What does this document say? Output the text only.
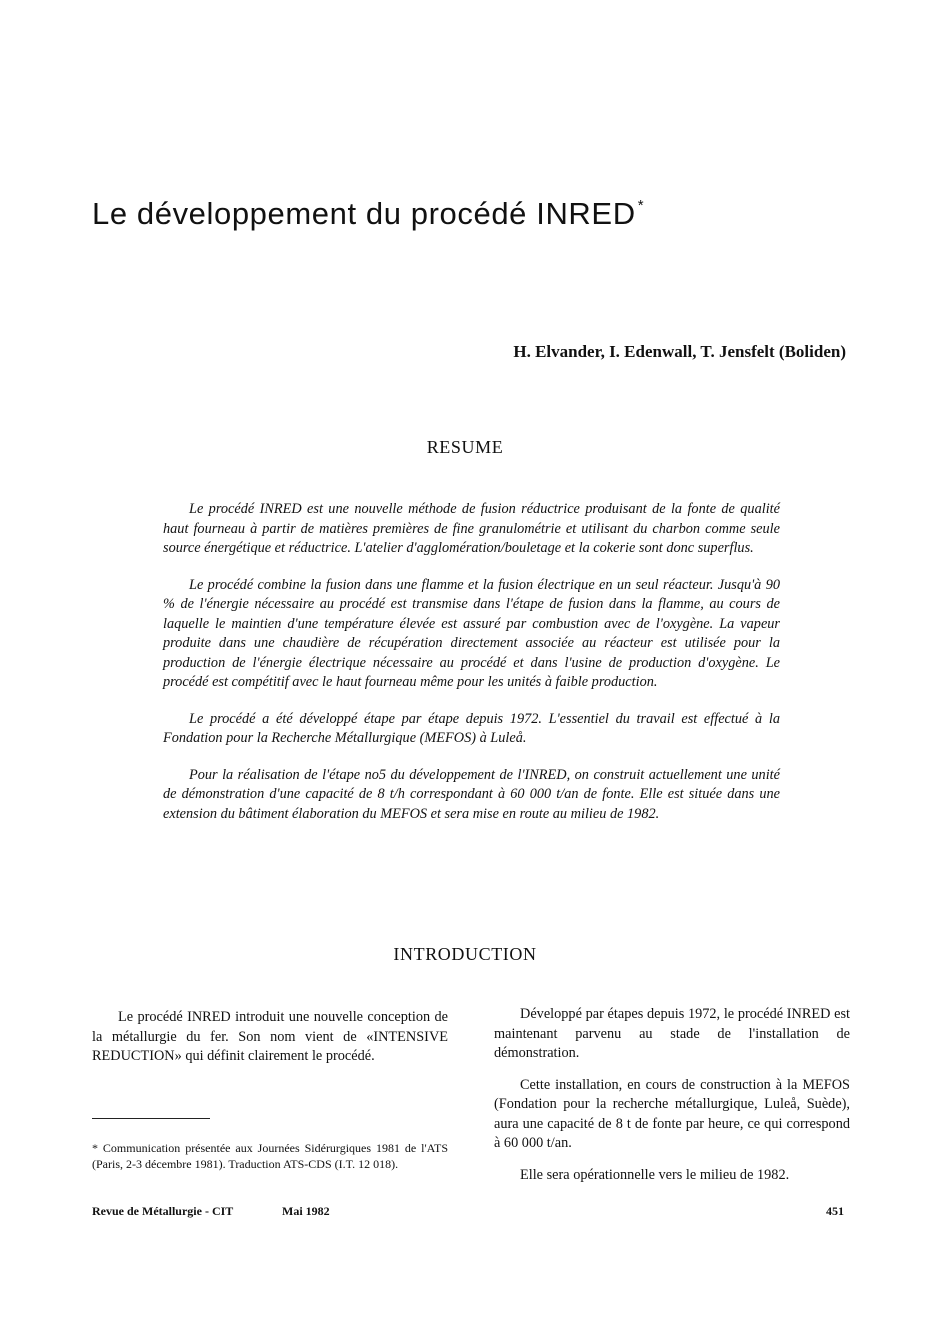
Le développement du procédé INRED *
H. Elvander, I. Edenwall, T. Jensfelt (Boliden)
RESUME

Le procédé INRED est une nouvelle méthode de fusion réductrice produisant de la fonte de qualité haut fourneau à partir de matières premières de fine granulométrie et utilisant du charbon comme seule source énergétique et réductrice. L'atelier d'agglomération/bouletage et la cokerie sont donc superflus.

Le procédé combine la fusion dans une flamme et la fusion électrique en un seul réacteur. Jusqu'à 90 % de l'énergie nécessaire au procédé est transmise dans l'étape de fusion dans la flamme, au cours de laquelle le maintien d'une température élevée est assuré par combustion avec de l'oxygène. La vapeur produite dans une chaudière de récupération directement associée au réacteur est utilisée pour la production de l'énergie électrique nécessaire au procédé et dans l'usine de production d'oxygène. Le procédé est compétitif avec le haut fourneau même pour les unités à faible production.

Le procédé a été développé étape par étape depuis 1972. L'essentiel du travail est effectué à la Fondation pour la Recherche Métallurgique (MEFOS) à Luleå.

Pour la réalisation de l'étape no5 du développement de l'INRED, on construit actuellement une unité de démonstration d'une capacité de 8 t/h correspondant à 60 000 t/an de fonte. Elle est située dans une extension du bâtiment élaboration du MEFOS et sera mise en route au milieu de 1982.

INTRODUCTION

Le procédé INRED introduit une nouvelle conception de la métallurgie du fer. Son nom vient de «INTENSIVE REDUCTION» qui définit clairement le procédé.

Développé par étapes depuis 1972, le procédé INRED est maintenant parvenu au stade de l'installation de démonstration.

Cette installation, en cours de construction à la MEFOS (Fondation pour la recherche métallurgique, Luleå, Suède), aura une capacité de 8 t de fonte par heure, ce qui correspond à 60 000 t/an.

Elle sera opérationnelle vers le milieu de 1982.

* Communication présentée aux Journées Sidérurgiques 1981 de l'ATS (Paris, 2-3 décembre 1981). Traduction ATS-CDS (I.T. 12 018).

Revue de Métallurgie - CIT	Mai 1982	451
